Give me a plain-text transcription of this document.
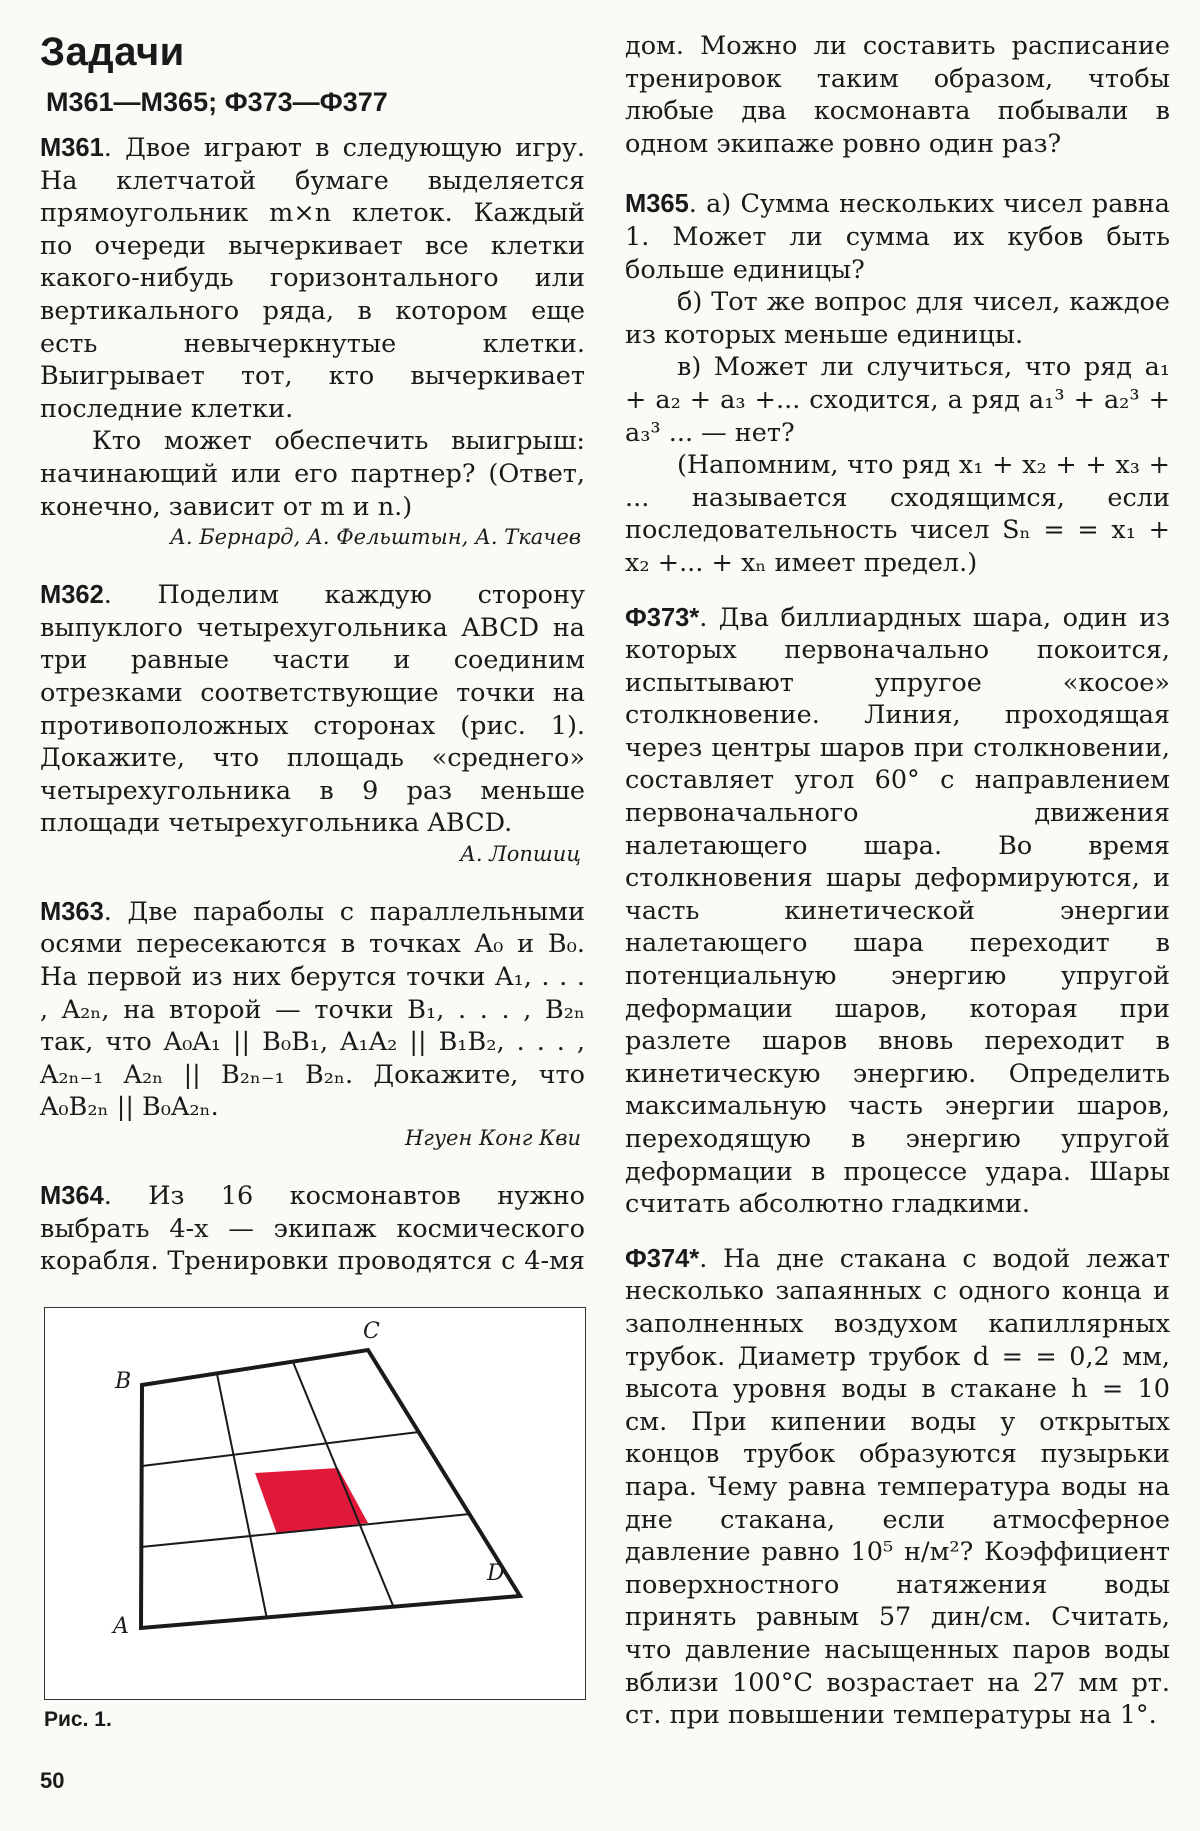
Задачи
М361—М365; Ф373—Ф377

М361. Двое играют в следующую игру. На клетчатой бумаге выделяется прямоугольник m×n клеток. Каждый по очереди вычеркивает все клетки какого-нибудь горизонтального или вертикального ряда, в котором еще есть невычеркнутые клетки. Выигрывает тот, кто вычеркивает последние клетки.

Кто может обеспечить выигрыш: начинающий или его партнер? (Ответ, конечно, зависит от m и n.)

А. Бернард, А. Фельштын, А. Ткачев

М362. Поделим каждую сторону выпуклого четырехугольника ABCD на три равные части и соединим отрезками соответствующие точки на противоположных сторонах (рис. 1). Докажите, что площадь «среднего» четырехугольника в 9 раз меньше площади четырехугольника ABCD.

А. Лопшиц

М363. Две параболы с параллельными осями пересекаются в точках A₀ и B₀. На первой из них берутся точки A₁, . . . , A₂ₙ, на второй — точки B₁, . . . , B₂ₙ так, что A₀A₁ || B₀B₁, A₁A₂ || B₁B₂, . . . , A₂ₙ₋₁ A₂ₙ || B₂ₙ₋₁ B₂ₙ. Докажите, что A₀B₂ₙ || B₀A₂ₙ.

Нгуен Конг Кви

М364. Из 16 космонавтов нужно выбрать 4-х — экипаж космического корабля. Тренировки проводятся с 4-мя

C
B
D
A
Рис. 1.
50

дом. Можно ли составить расписание тренировок таким образом, чтобы любые два космонавта побывали в одном экипаже ровно один раз?

М365. а) Сумма нескольких чисел равна 1. Может ли сумма их кубов быть больше единицы?

б) Тот же вопрос для чисел, каждое из которых меньше единицы.

в) Может ли случиться, что ряд a₁ + a₂ + a₃ +... сходится, а ряд a₁³ + a₂³ + a₃³ ... — нет?

(Напомним, что ряд x₁ + x₂ + + x₃ + ... называется сходящимся, если последовательность чисел Sₙ = = x₁ + x₂ +... + xₙ имеет предел.)

Ф373*. Два биллиардных шара, один из которых первоначально покоится, испытывают упругое «косое» столкновение. Линия, проходящая через центры шаров при столкновении, составляет угол 60° с направлением первоначального движения налетающего шара. Во время столкновения шары деформируются, и часть кинетической энергии налетающего шара переходит в потенциальную энергию упругой деформации шаров, которая при разлете шаров вновь переходит в кинетическую энергию. Определить максимальную часть энергии шаров, переходящую в энергию упругой деформации в процессе удара. Шары считать абсолютно гладкими.

Ф374*. На дне стакана с водой лежат несколько запаянных с одного конца и заполненных воздухом капиллярных трубок. Диаметр трубок d = = 0,2 мм, высота уровня воды в стакане h = 10 см. При кипении воды у открытых концов трубок образуются пузырьки пара. Чему равна температура воды на дне стакана, если атмосферное давление равно 10⁵ н/м²? Коэффициент поверхностного натяжения воды принять равным 57 дин/см. Считать, что давление насыщенных паров воды вблизи 100°С возрастает на 27 мм рт. ст. при повышении температуры на 1°.
